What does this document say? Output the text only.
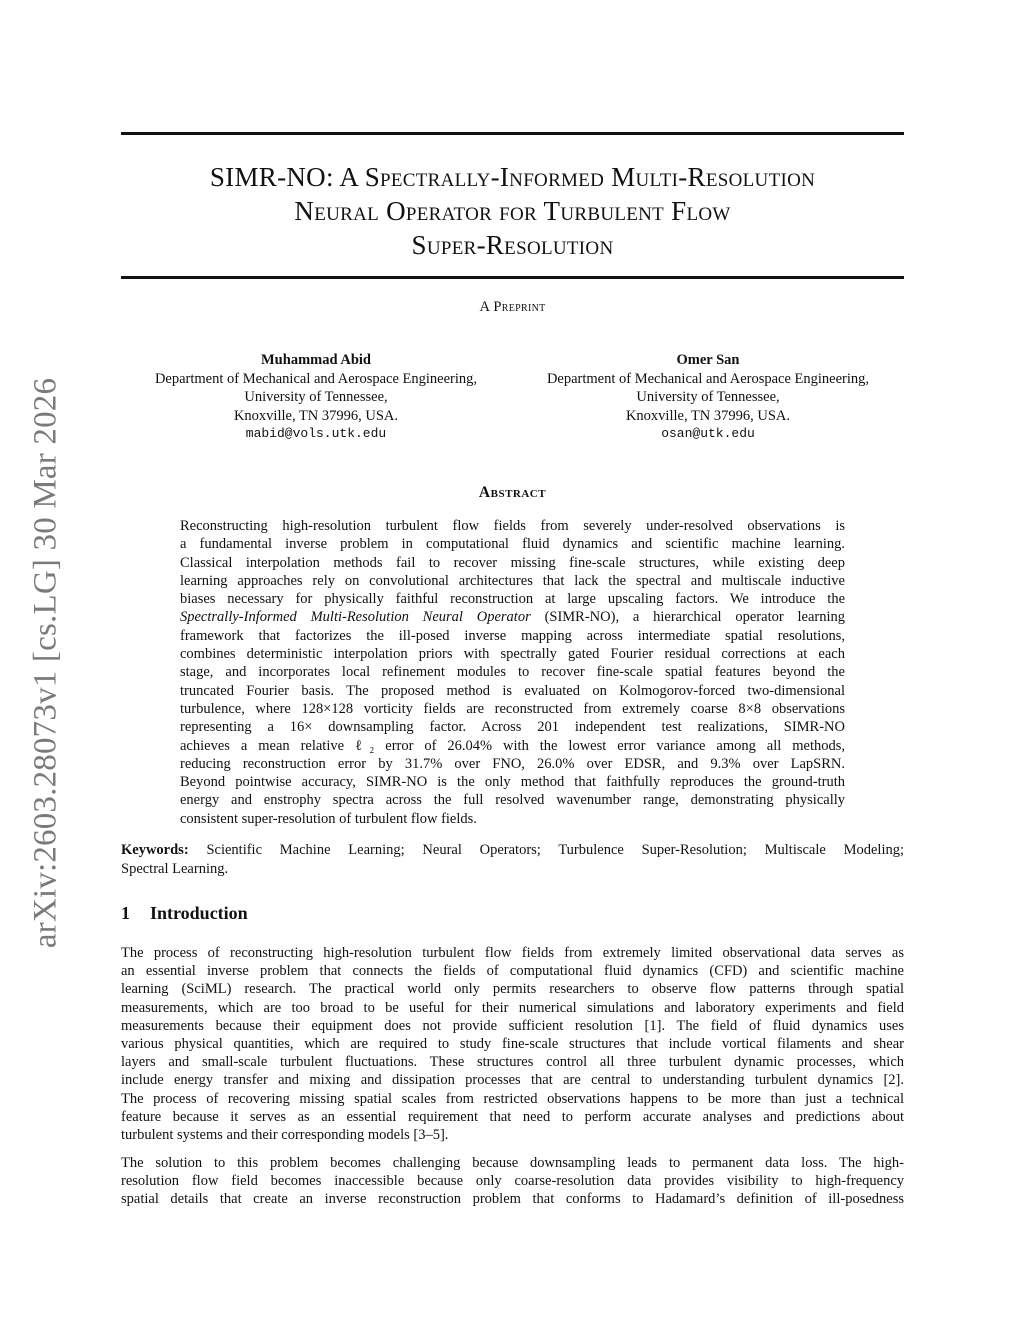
arXiv:2603.28073v1 [cs.LG] 30 Mar 2026
SIMR-NO: A Spectrally-Informed Multi-Resolution
Neural Operator for Turbulent Flow
Super-Resolution
A Preprint
Muhammad Abid
Department of Mechanical and Aerospace Engineering,
University of Tennessee,
Knoxville, TN 37996, USA.
mabid@vols.utk.edu
Omer San
Department of Mechanical and Aerospace Engineering,
University of Tennessee,
Knoxville, TN 37996, USA.
osan@utk.edu
Abstract
Reconstructing high-resolution turbulent flow fields from severely under-resolved observations is
a fundamental inverse problem in computational fluid dynamics and scientific machine learning.
Classical interpolation methods fail to recover missing fine-scale structures, while existing deep
learning approaches rely on convolutional architectures that lack the spectral and multiscale inductive
biases necessary for physically faithful reconstruction at large upscaling factors. We introduce the
Spectrally-Informed Multi-Resolution Neural Operator (SIMR-NO), a hierarchical operator learning
framework that factorizes the ill-posed inverse mapping across intermediate spatial resolutions,
combines deterministic interpolation priors with spectrally gated Fourier residual corrections at each
stage, and incorporates local refinement modules to recover fine-scale spatial features beyond the
truncated Fourier basis. The proposed method is evaluated on Kolmogorov-forced two-dimensional
turbulence, where 128×128 vorticity fields are reconstructed from extremely coarse 8×8 observations
representing a 16× downsampling factor. Across 201 independent test realizations, SIMR-NO
achieves a mean relative ℓ₂ error of 26.04% with the lowest error variance among all methods,
reducing reconstruction error by 31.7% over FNO, 26.0% over EDSR, and 9.3% over LapSRN.
Beyond pointwise accuracy, SIMR-NO is the only method that faithfully reproduces the ground-truth
energy and enstrophy spectra across the full resolved wavenumber range, demonstrating physically
consistent super-resolution of turbulent flow fields.
Keywords: Scientific Machine Learning; Neural Operators; Turbulence Super-Resolution; Multiscale Modeling;
Spectral Learning.
1 Introduction
The process of reconstructing high-resolution turbulent flow fields from extremely limited observational data serves as
an essential inverse problem that connects the fields of computational fluid dynamics (CFD) and scientific machine
learning (SciML) research. The practical world only permits researchers to observe flow patterns through spatial
measurements, which are too broad to be useful for their numerical simulations and laboratory experiments and field
measurements because their equipment does not provide sufficient resolution [1]. The field of fluid dynamics uses
various physical quantities, which are required to study fine-scale structures that include vortical filaments and shear
layers and small-scale turbulent fluctuations. These structures control all three turbulent dynamic processes, which
include energy transfer and mixing and dissipation processes that are central to understanding turbulent dynamics [2].
The process of recovering missing spatial scales from restricted observations happens to be more than just a technical
feature because it serves as an essential requirement that need to perform accurate analyses and predictions about
turbulent systems and their corresponding models [3–5].
The solution to this problem becomes challenging because downsampling leads to permanent data loss. The high-
resolution flow field becomes inaccessible because only coarse-resolution data provides visibility to high-frequency
spatial details that create an inverse reconstruction problem that conforms to Hadamard’s definition of ill-posedness
